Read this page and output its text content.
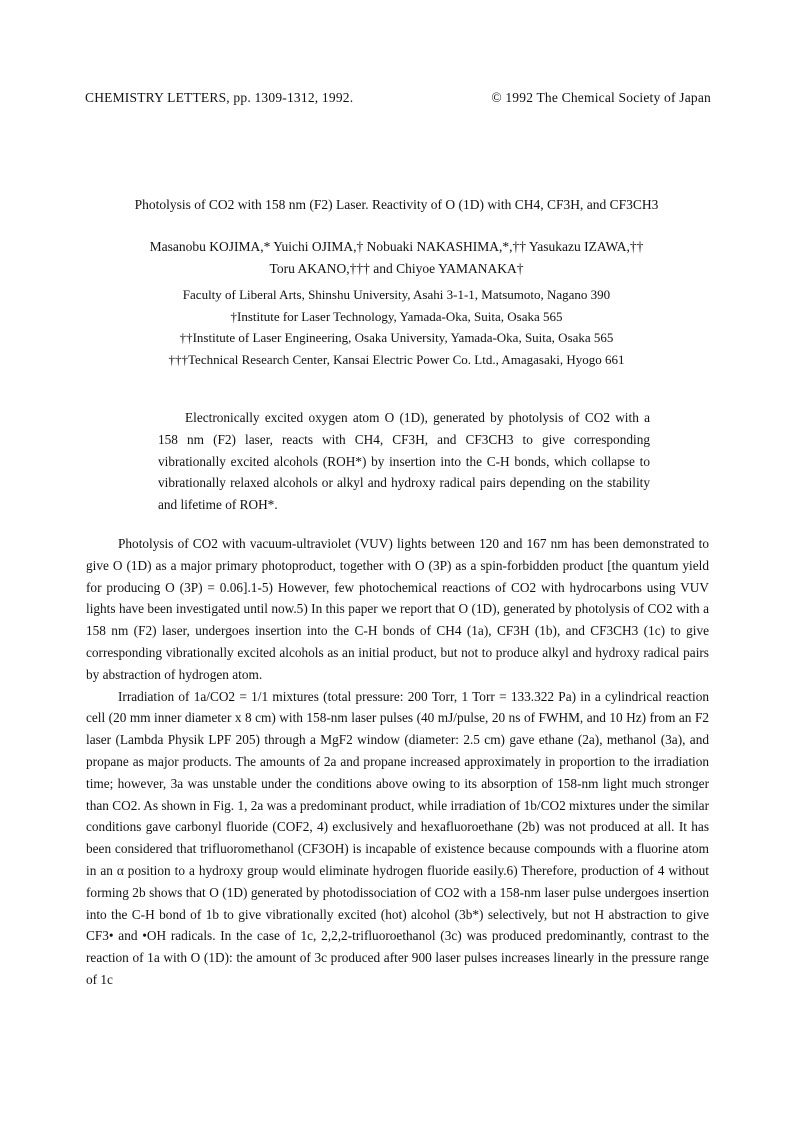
CHEMISTRY LETTERS, pp. 1309-1312, 1992.	© 1992 The Chemical Society of Japan
Photolysis of CO2 with 158 nm (F2) Laser. Reactivity of O (1D) with CH4, CF3H, and CF3CH3
Masanobu KOJIMA,* Yuichi OJIMA,† Nobuaki NAKASHIMA,*,†† Yasukazu IZAWA,††
Toru AKANO,††† and Chiyoe YAMANAKA†
Faculty of Liberal Arts, Shinshu University, Asahi 3-1-1, Matsumoto, Nagano 390
†Institute for Laser Technology, Yamada-Oka, Suita, Osaka 565
††Institute of Laser Engineering, Osaka University, Yamada-Oka, Suita, Osaka 565
†††Technical Research Center, Kansai Electric Power Co. Ltd., Amagasaki, Hyogo 661

Electronically excited oxygen atom O (1D), generated by photolysis of CO2 with a 158 nm (F2) laser, reacts with CH4, CF3H, and CF3CH3 to give corresponding vibrationally excited alcohols (ROH*) by insertion into the C-H bonds, which collapse to vibrationally relaxed alcohols or alkyl and hydroxy radical pairs depending on the stability and lifetime of ROH*.

Photolysis of CO2 with vacuum-ultraviolet (VUV) lights between 120 and 167 nm has been demonstrated to give O (1D) as a major primary photoproduct, together with O (3P) as a spin-forbidden product [the quantum yield for producing O (3P) = 0.06].1-5) However, few photochemical reactions of CO2 with hydrocarbons using VUV lights have been investigated until now.5) In this paper we report that O (1D), generated by photolysis of CO2 with a 158 nm (F2) laser, undergoes insertion into the C-H bonds of CH4 (1a), CF3H (1b), and CF3CH3 (1c) to give corresponding vibrationally excited alcohols as an initial product, but not to produce alkyl and hydroxy radical pairs by abstraction of hydrogen atom.

Irradiation of 1a/CO2 = 1/1 mixtures (total pressure: 200 Torr, 1 Torr = 133.322 Pa) in a cylindrical reaction cell (20 mm inner diameter x 8 cm) with 158-nm laser pulses (40 mJ/pulse, 20 ns of FWHM, and 10 Hz) from an F2 laser (Lambda Physik LPF 205) through a MgF2 window (diameter: 2.5 cm) gave ethane (2a), methanol (3a), and propane as major products. The amounts of 2a and propane increased approximately in proportion to the irradiation time; however, 3a was unstable under the conditions above owing to its absorption of 158-nm light much stronger than CO2. As shown in Fig. 1, 2a was a predominant product, while irradiation of 1b/CO2 mixtures under the similar conditions gave carbonyl fluoride (COF2, 4) exclusively and hexafluoroethane (2b) was not produced at all. It has been considered that trifluoromethanol (CF3OH) is incapable of existence because compounds with a fluorine atom in an α position to a hydroxy group would eliminate hydrogen fluoride easily.6) Therefore, production of 4 without forming 2b shows that O (1D) generated by photodissociation of CO2 with a 158-nm laser pulse undergoes insertion into the C-H bond of 1b to give vibrationally excited (hot) alcohol (3b*) selectively, but not H abstraction to give CF3• and •OH radicals. In the case of 1c, 2,2,2-trifluoroethanol (3c) was produced predominantly, contrast to the reaction of 1a with O (1D): the amount of 3c produced after 900 laser pulses increases linearly in the pressure range of 1c
